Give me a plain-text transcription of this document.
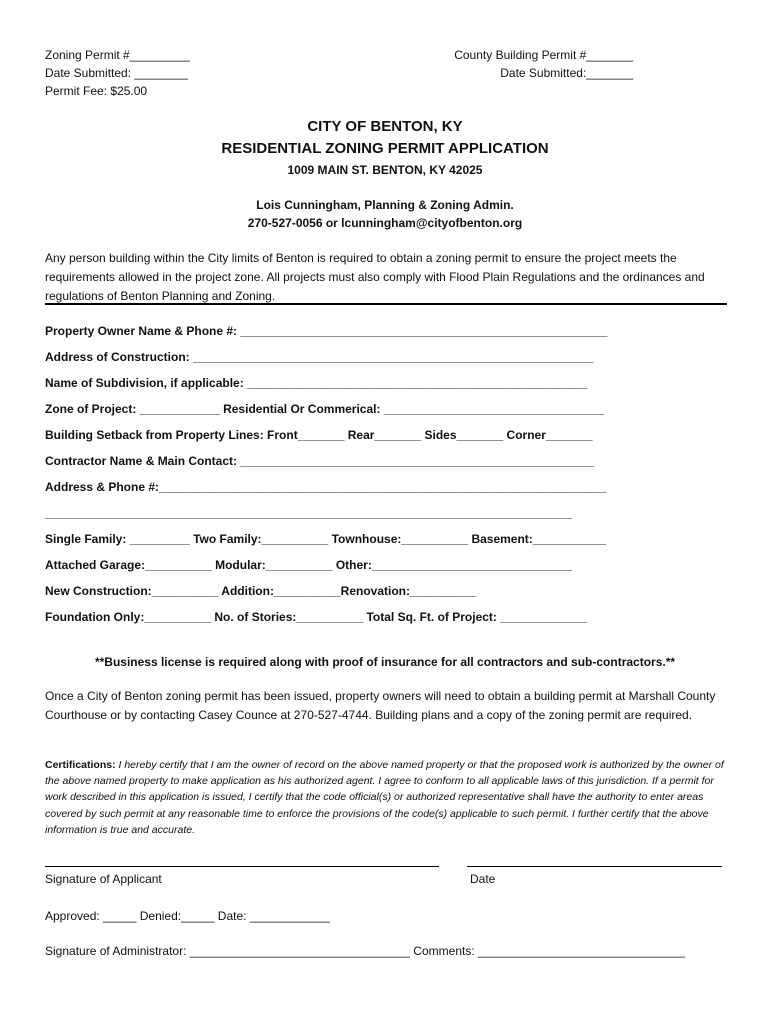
Zoning Permit #_________
Date Submitted: ________
Permit Fee: $25.00
County Building Permit #_______
Date Submitted:_______
CITY OF BENTON, KY
RESIDENTIAL ZONING PERMIT APPLICATION
1009 MAIN ST. BENTON, KY 42025
Lois Cunningham, Planning & Zoning Admin.
270-527-0056 or lcunningham@cityofbenton.org
Any person building within the City limits of Benton is required to obtain a zoning permit to ensure the project meets the requirements allowed in the project zone. All projects must also comply with Flood Plain Regulations and the ordinances and regulations of Benton Planning and Zoning.
Property Owner Name & Phone #: _______________________________________________________
Address of Construction: ____________________________________________________________
Name of Subdivision, if applicable: ___________________________________________________
Zone of Project: ____________ Residential Or Commerical: _________________________________
Building Setback from Property Lines: Front_______ Rear_______ Sides_______ Corner_______
Contractor Name & Main Contact: _____________________________________________________
Address & Phone #:___________________________________________________________________
_______________________________________________________________________________
Single Family: _________ Two Family:__________ Townhouse:__________ Basement:___________
Attached Garage:__________ Modular:__________ Other:______________________________
New Construction:__________ Addition:__________Renovation:__________
Foundation Only:__________ No. of Stories:__________ Total Sq. Ft. of Project: _____________
**Business license is required along with proof of insurance for all contractors and sub-contractors.**
Once a City of Benton zoning permit has been issued, property owners will need to obtain a building permit at Marshall County Courthouse or by contacting Casey Counce at 270-527-4744. Building plans and a copy of the zoning permit are required.
Certifications: I hereby certify that I am the owner of record on the above named property or that the proposed work is authorized by the owner of the above named property to make application as his authorized agent. I agree to conform to all applicable laws of this jurisdiction. If a permit for work described in this application is issued, I certify that the code official(s) or authorized representative shall have the authority to enter areas covered by such permit at any reasonable time to enforce the provisions of the code(s) applicable to such permit. I further certify that the above information is true and accurate.
Signature of Applicant	Date
Approved: _____ Denied:_____ Date: ____________
Signature of Administrator: _________________________________ Comments: _______________________________
